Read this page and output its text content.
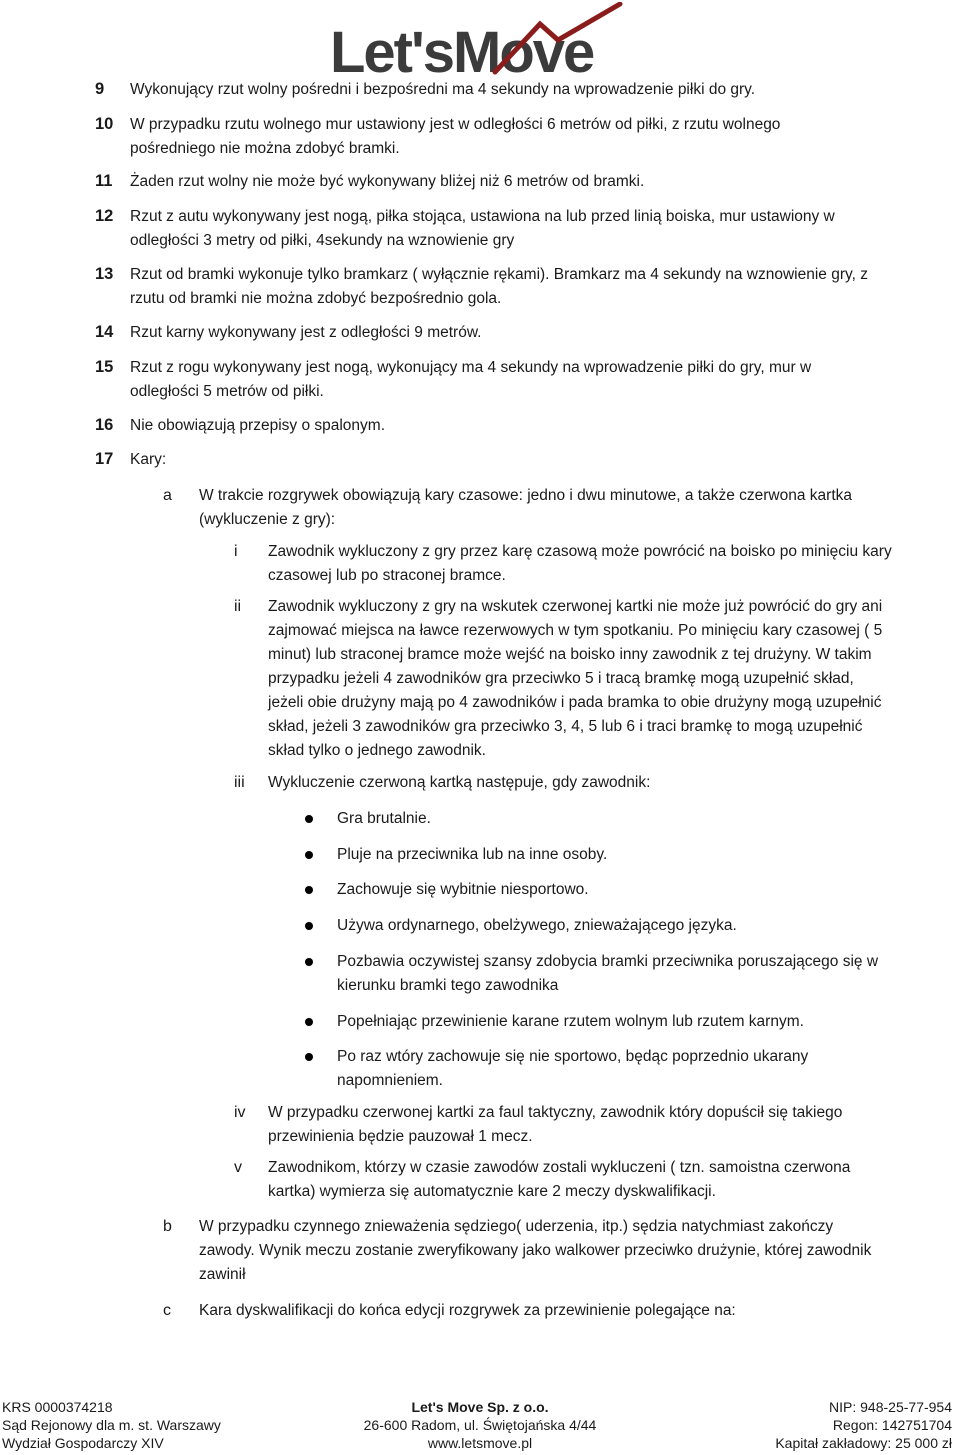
Let'sMove
9 Wykonujący rzut wolny pośredni i bezpośredni ma 4 sekundy na wprowadzenie piłki do gry.
10 W przypadku rzutu wolnego mur ustawiony jest w odległości 6 metrów od piłki, z rzutu wolnego
pośredniego nie można zdobyć bramki.
11 Żaden rzut wolny nie może być wykonywany bliżej niż 6 metrów od bramki.
12 Rzut z autu wykonywany jest nogą, piłka stojąca, ustawiona na lub przed linią boiska, mur ustawiony w
odległości 3 metry od piłki, 4sekundy na wznowienie gry
13 Rzut od bramki wykonuje tylko bramkarz ( wyłącznie rękami). Bramkarz ma 4 sekundy na wznowienie gry, z
rzutu od bramki nie można zdobyć bezpośrednio gola.
14 Rzut karny wykonywany jest z odległości 9 metrów.
15 Rzut z rogu wykonywany jest nogą, wykonujący ma 4 sekundy na wprowadzenie piłki do gry, mur w
odległości 5 metrów od piłki.
16 Nie obowiązują przepisy o spalonym.
17 Kary:
a W trakcie rozgrywek obowiązują kary czasowe: jedno i dwu minutowe, a także czerwona kartka
(wykluczenie z gry):
i Zawodnik wykluczony z gry przez karę czasową może powrócić na boisko po minięciu kary
czasowej lub po straconej bramce.
ii Zawodnik wykluczony z gry na wskutek czerwonej kartki nie może już powrócić do gry ani
zajmować miejsca na ławce rezerwowych w tym spotkaniu. Po minięciu kary czasowej ( 5
minut) lub straconej bramce może wejść na boisko inny zawodnik z tej drużyny. W takim
przypadku jeżeli 4 zawodników gra przeciwko 5 i tracą bramkę mogą uzupełnić skład,
jeżeli obie drużyny mają po 4 zawodników i pada bramka to obie drużyny mogą uzupełnić
skład, jeżeli 3 zawodników gra przeciwko 3, 4, 5 lub 6 i traci bramkę to mogą uzupełnić
skład tylko o jednego zawodnik.
iii Wykluczenie czerwoną kartką następuje, gdy zawodnik:
Gra brutalnie.
Pluje na przeciwnika lub na inne osoby.
Zachowuje się wybitnie niesportowo.
Używa ordynarnego, obelżywego, znieważającego języka.
Pozbawia oczywistej szansy zdobycia bramki przeciwnika poruszającego się w
kierunku bramki tego zawodnika
Popełniając przewinienie karane rzutem wolnym lub rzutem karnym.
Po raz wtóry zachowuje się nie sportowo, będąc poprzednio ukarany
napomnieniem.
iv W przypadku czerwonej kartki za faul taktyczny, zawodnik który dopuścił się takiego
przewinienia będzie pauzował 1 mecz.
v Zawodnikom, którzy w czasie zawodów zostali wykluczeni ( tzn. samoistna czerwona
kartka) wymierza się automatycznie kare 2 meczy dyskwalifikacji.
b W przypadku czynnego znieważenia sędziego( uderzenia, itp.) sędzia natychmiast zakończy
zawody. Wynik meczu zostanie zweryfikowany jako walkower przeciwko drużynie, której zawodnik
zawinił
c Kara dyskwalifikacji do końca edycji rozgrywek za przewinienie polegające na:
KRS 0000374218
Sąd Rejonowy dla m. st. Warszawy
Wydział Gospodarczy XIV
Let's Move Sp. z o.o.
26-600 Radom, ul. Świętojańska 4/44
www.letsmove.pl
NIP: 948-25-77-954
Regon: 142751704
Kapitał zakładowy: 25 000 zł
